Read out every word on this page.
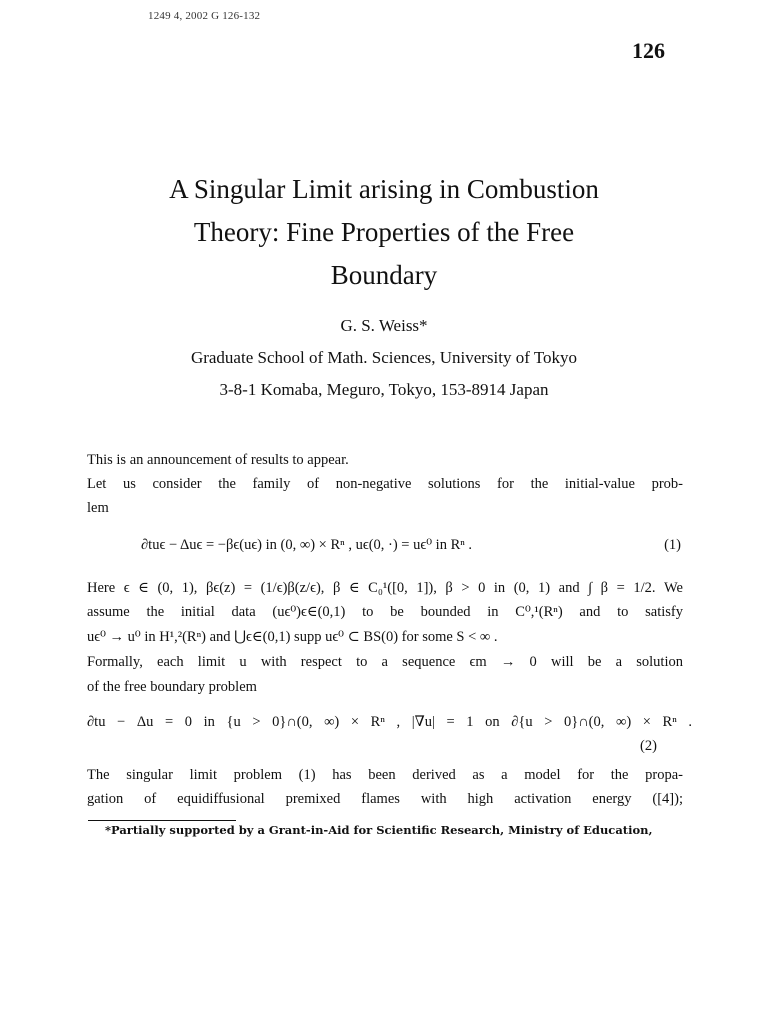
1249 4, 2002 G 126-132
126
A Singular Limit arising in Combustion
Theory: Fine Properties of the Free
Boundary
G. S. Weiss*
Graduate School of Math. Sciences, University of Tokyo
3-8-1 Komaba, Meguro, Tokyo, 153-8914 Japan
This is an announcement of results to appear.
Let us consider the family of non-negative solutions for the initial-value prob-
lem
∂tuϵ − Δuϵ = −βϵ(uϵ) in (0, ∞) × Rⁿ , uϵ(0, ·) = uϵ⁰ in Rⁿ .	(1)
Here ϵ ∈ (0, 1), βϵ(z) = (1/ϵ)β(z/ϵ), β ∈ C₀¹([0, 1]), β > 0 in (0, 1) and ∫ β = 1/2. We
assume the initial data (uϵ⁰)ϵ∈(0,1) to be bounded in C⁰,¹(Rⁿ) and to satisfy
uϵ⁰ → u⁰ in H¹,²(Rⁿ) and ⋃ϵ∈(0,1) supp uϵ⁰ ⊂ BS(0) for some S < ∞ .
Formally, each limit u with respect to a sequence ϵm → 0 will be a solution
of the free boundary problem
∂tu − Δu = 0 in {u > 0}∩(0, ∞) × Rⁿ , |∇u| = 1 on ∂{u > 0}∩(0, ∞) × Rⁿ .
(2)
The singular limit problem (1) has been derived as a model for the propa-
gation of equidiffusional premixed flames with high activation energy ([4]);
*Partially supported by a Grant-in-Aid for Scientific Research, Ministry of Education,
